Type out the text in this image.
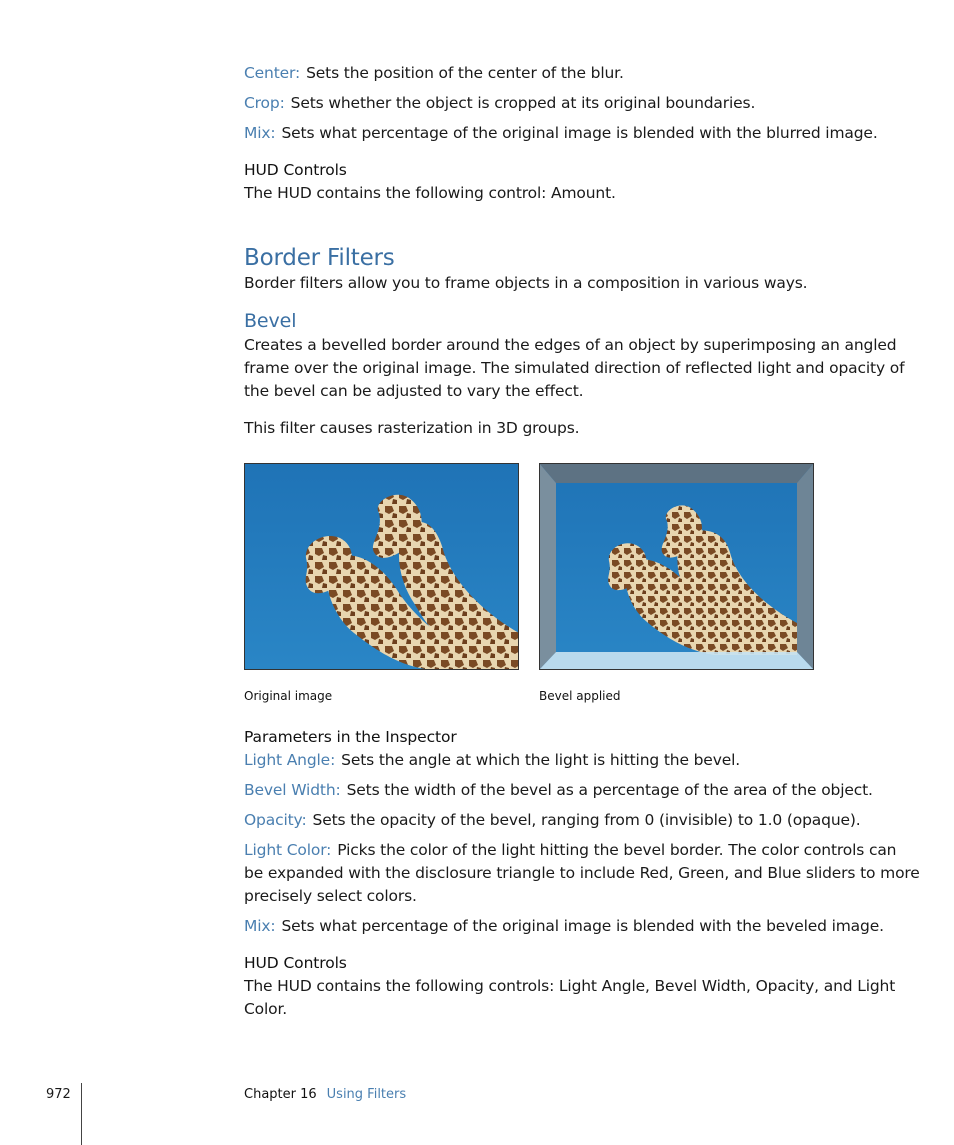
Center: Sets the position of the center of the blur.
Crop: Sets whether the object is cropped at its original boundaries.
Mix: Sets what percentage of the original image is blended with the blurred image.
HUD Controls
The HUD contains the following control: Amount.
Border Filters
Border filters allow you to frame objects in a composition in various ways.
Bevel
Creates a bevelled border around the edges of an object by superimposing an angled
frame over the original image. The simulated direction of reflected light and opacity of
the bevel can be adjusted to vary the effect.
This filter causes rasterization in 3D groups.
Original image	Bevel applied
Parameters in the Inspector
Light Angle: Sets the angle at which the light is hitting the bevel.
Bevel Width: Sets the width of the bevel as a percentage of the area of the object.
Opacity: Sets the opacity of the bevel, ranging from 0 (invisible) to 1.0 (opaque).
Light Color: Picks the color of the light hitting the bevel border. The color controls can
be expanded with the disclosure triangle to include Red, Green, and Blue sliders to more
precisely select colors.
Mix: Sets what percentage of the original image is blended with the beveled image.
HUD Controls
The HUD contains the following controls: Light Angle, Bevel Width, Opacity, and Light
Color.
972	Chapter 16 Using Filters
